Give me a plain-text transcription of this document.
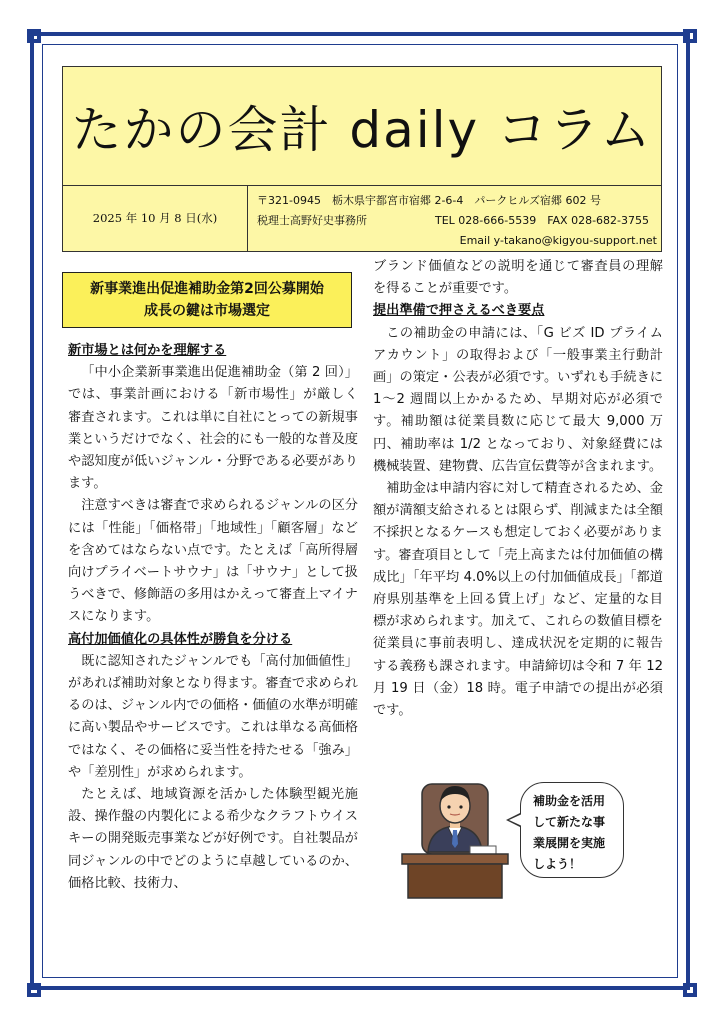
たかの会計 daily コラム
2025 年 10 月 8 日(水)
〒321-0945　栃木県宇都宮市宿郷 2-6-4　パークヒルズ宿郷 602 号
税理士高野好史事務所	TEL 028-666-5539　FAX 028-682-3755
Email y-takano@kigyou-support.net
新事業進出促進補助金第2回公募開始
成長の鍵は市場選定
新市場とは何かを理解する

「中小企業新事業進出促進補助金（第 2 回）」では、事業計画における「新市場性」が厳しく審査されます。これは単に自社にとっての新規事業というだけでなく、社会的にも一般的な普及度や認知度が低いジャンル・分野である必要があります。

注意すべきは審査で求められるジャンルの区分には「性能」「価格帯」「地域性」「顧客層」などを含めてはならない点です。たとえば「高所得層向けプライベートサウナ」は「サウナ」として扱うべきで、修飾語の多用はかえって審査上マイナスになります。

高付加価値化の具体性が勝負を分ける

既に認知されたジャンルでも「高付加価値性」があれば補助対象となり得ます。審査で求められるのは、ジャンル内での価格・価値の水準が明確に高い製品やサービスです。これは単なる高価格ではなく、その価格に妥当性を持たせる「強み」や「差別性」が求められます。

たとえば、地域資源を活かした体験型観光施設、操作盤の内製化による希少なクラフトウイスキーの開発販売事業などが好例です。自社製品が同ジャンルの中でどのように卓越しているのか、価格比較、技術力、

ブランド価値などの説明を通じて審査員の理解を得ることが重要です。

提出準備で押さえるべき要点

この補助金の申請には、「G ビズ ID プライムアカウント」の取得および「一般事業主行動計画」の策定・公表が必須です。いずれも手続きに 1～2 週間以上かかるため、早期対応が必須です。補助額は従業員数に応じて最大 9,000 万円、補助率は 1/2 となっており、対象経費には機械装置、建物費、広告宣伝費等が含まれます。

補助金は申請内容に対して精査されるため、金額が満額支給されるとは限らず、削減または全額不採択となるケースも想定しておく必要があります。審査項目として「売上高または付加価値の構成比」「年平均 4.0%以上の付加価値成長」「都道府県別基準を上回る賃上げ」など、定量的な目標が求められます。加えて、これらの数値目標を従業員に事前表明し、達成状況を定期的に報告する義務も課されます。申請締切は令和 7 年 12 月 19 日（金）18 時。電子申請での提出が必須です。

補助金を活用
して新たな事
業展開を実施
しよう！
